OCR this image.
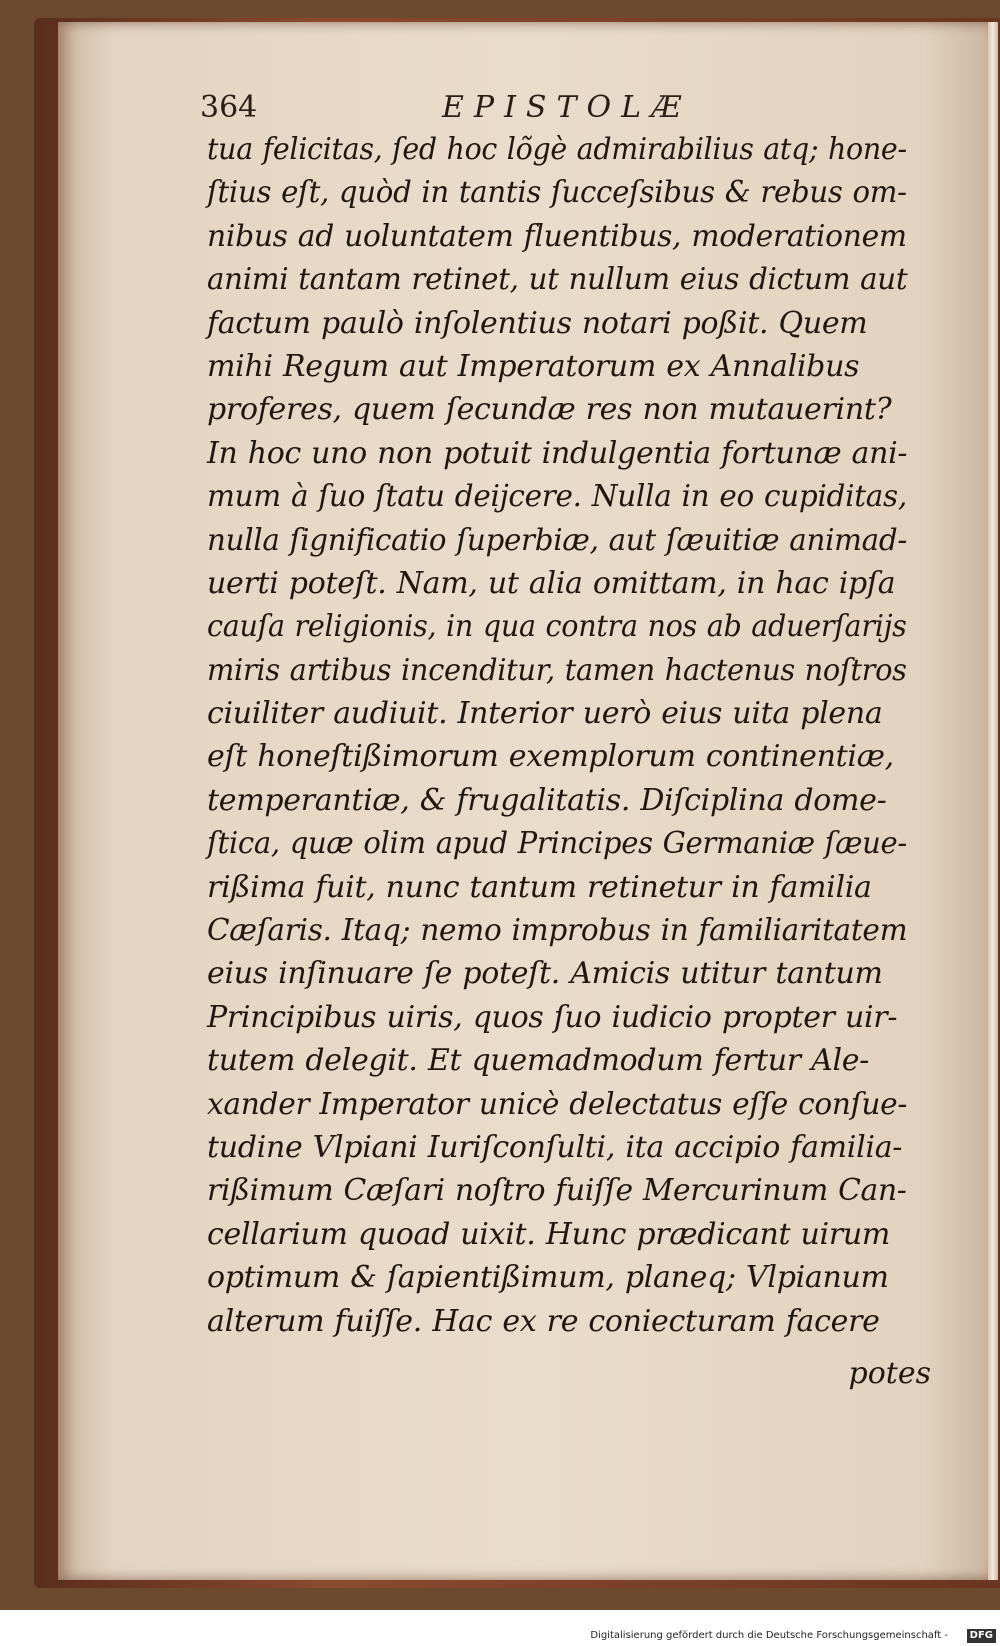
364	EPISTOLÆ
tua felicitas, ſed hoc lõgè admirabilius atq; hone-
ſtius eſt, quòd in tantis ſucceſsibus & rebus om-
nibus ad uoluntatem fluentibus, moderationem
animi tantam retinet, ut nullum eius dictum aut
factum paulò inſolentius notari poßit. Quem
mihi Regum aut Imperatorum ex Annalibus
proferes, quem ſecundæ res non mutauerint?
In hoc uno non potuit indulgentia fortunæ ani-
mum à ſuo ſtatu deijcere. Nulla in eo cupiditas,
nulla ſignificatio ſuperbiæ, aut ſæuitiæ animad-
uerti poteſt. Nam, ut alia omittam, in hac ipſa
cauſa religionis, in qua contra nos ab aduerſarijs
miris artibus incenditur, tamen hactenus noſtros
ciuiliter audiuit. Interior uerò eius uita plena
eſt honeſtißimorum exemplorum continentiæ,
temperantiæ, & frugalitatis. Diſciplina dome-
ſtica, quæ olim apud Principes Germaniæ ſæue-
rißima fuit, nunc tantum retinetur in familia
Cæſaris. Itaq; nemo improbus in familiaritatem
eius inſinuare ſe poteſt. Amicis utitur tantum
Principibus uiris, quos ſuo iudicio propter uir-
tutem delegit. Et quemadmodum fertur Ale-
xander Imperator unicè delectatus eſſe conſue-
tudine Vlpiani Iuriſconſulti, ita accipio familia-
rißimum Cæſari noſtro fuiſſe Mercurinum Can-
cellarium quoad uixit. Hunc prædicant uirum
optimum & ſapientißimum, planeq; Vlpianum
alterum fuiſſe. Hac ex re coniecturam facere
potes
Digitalisierung gefördert durch die Deutsche Forschungsgemeinschaft -	DFG
